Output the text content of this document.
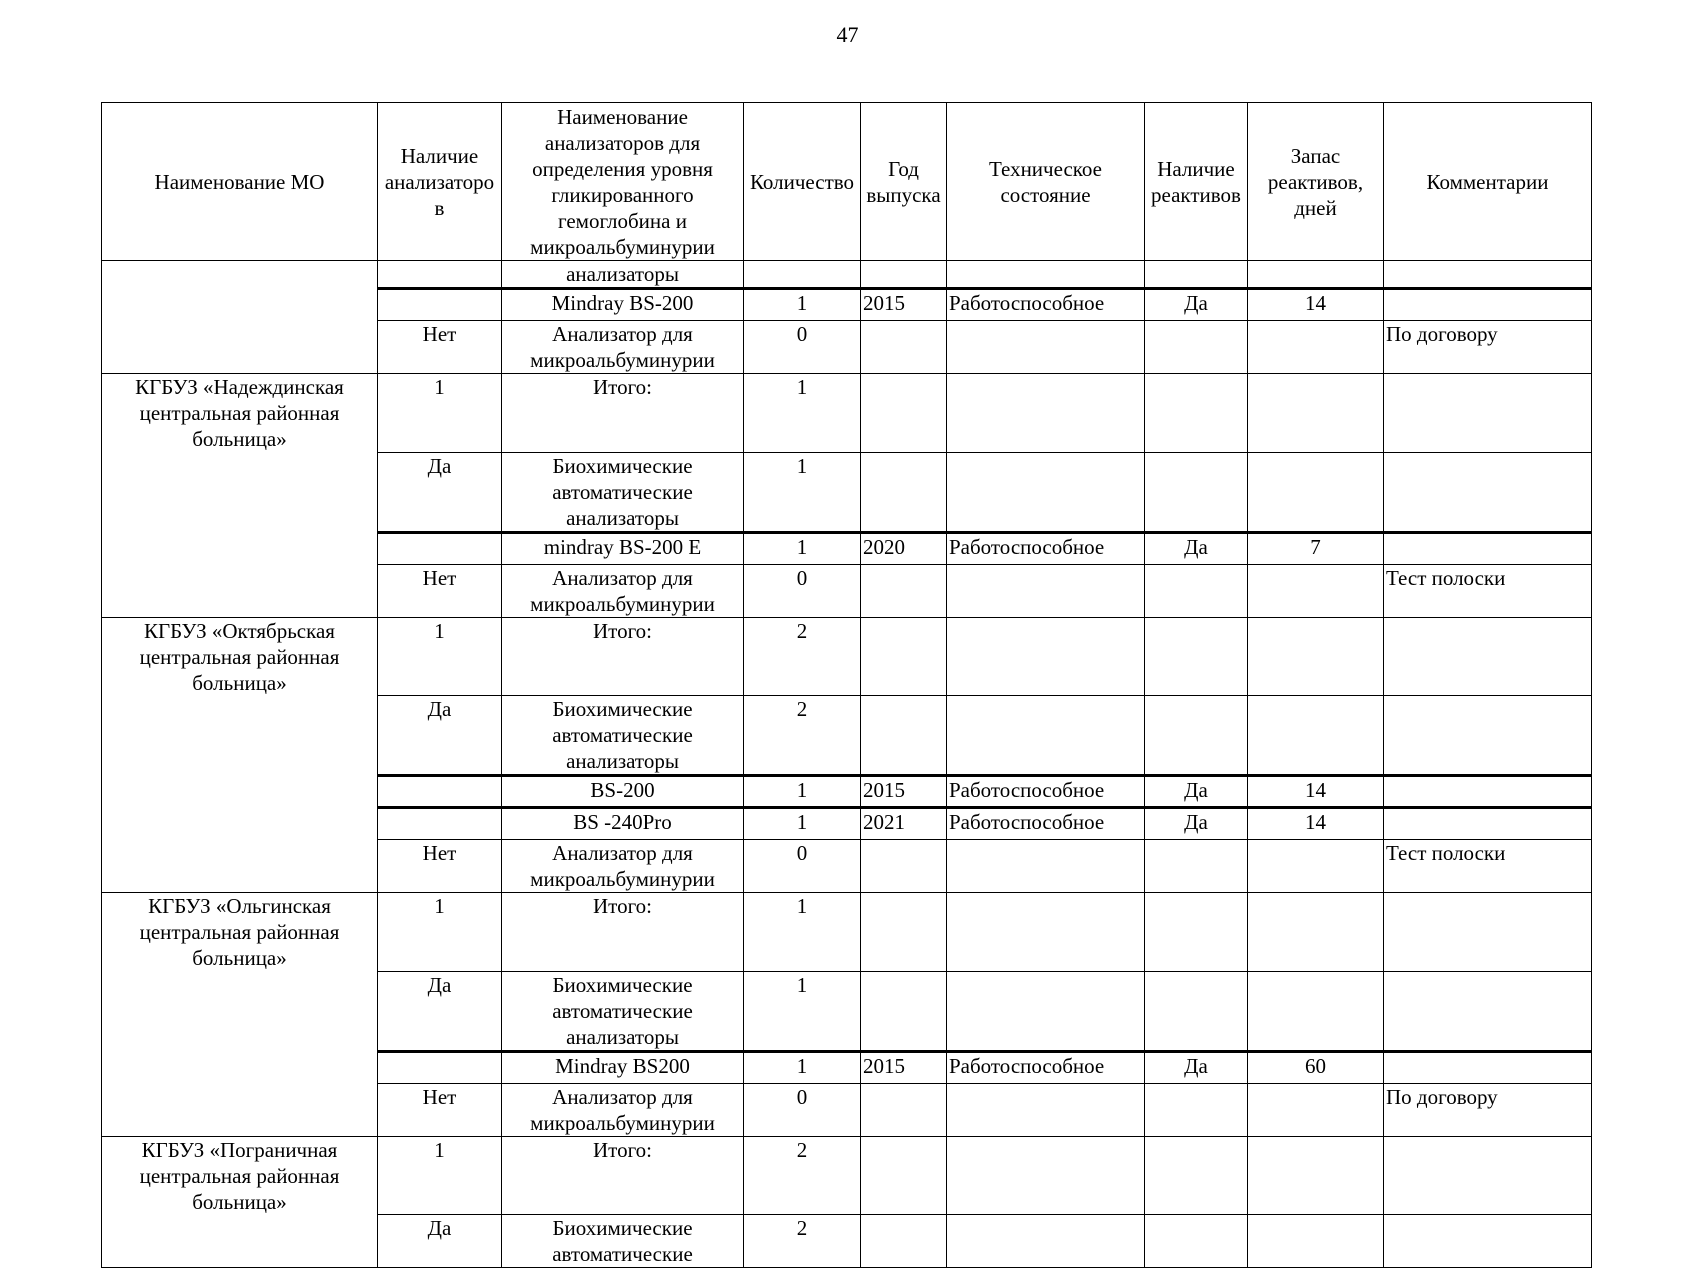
47
Наименование МО	Наличие анализаторо в	Наименование анализаторов для определения уровня гликированного гемоглобина и микроальбуминурии	Количество	Год выпуска	Техническое состояние	Наличие реактивов	Запас реактивов, дней	Комментарии
		анализаторы						
		Mindray BS-200	1	2015	Работоспособное	Да	14	
	Нет	Анализатор для микроальбуминурии	0					По договору
КГБУЗ «Надеждинская центральная районная больница»	1	Итого:	1					
	Да	Биохимические автоматические анализаторы	1					
		mindray BS-200 E	1	2020	Работоспособное	Да	7	
	Нет	Анализатор для микроальбуминурии	0					Тест полоски
КГБУЗ «Октябрьская центральная районная больница»	1	Итого:	2					
	Да	Биохимические автоматические анализаторы	2					
		BS-200	1	2015	Работоспособное	Да	14	
		BS -240Pro	1	2021	Работоспособное	Да	14	
	Нет	Анализатор для микроальбуминурии	0					Тест полоски
КГБУЗ «Ольгинская центральная районная больница»	1	Итого:	1					
	Да	Биохимические автоматические анализаторы	1					
		Mindray BS200	1	2015	Работоспособное	Да	60	
	Нет	Анализатор для микроальбуминурии	0					По договору
КГБУЗ «Пограничная центральная районная больница»	1	Итого:	2					
	Да	Биохимические автоматические	2					
